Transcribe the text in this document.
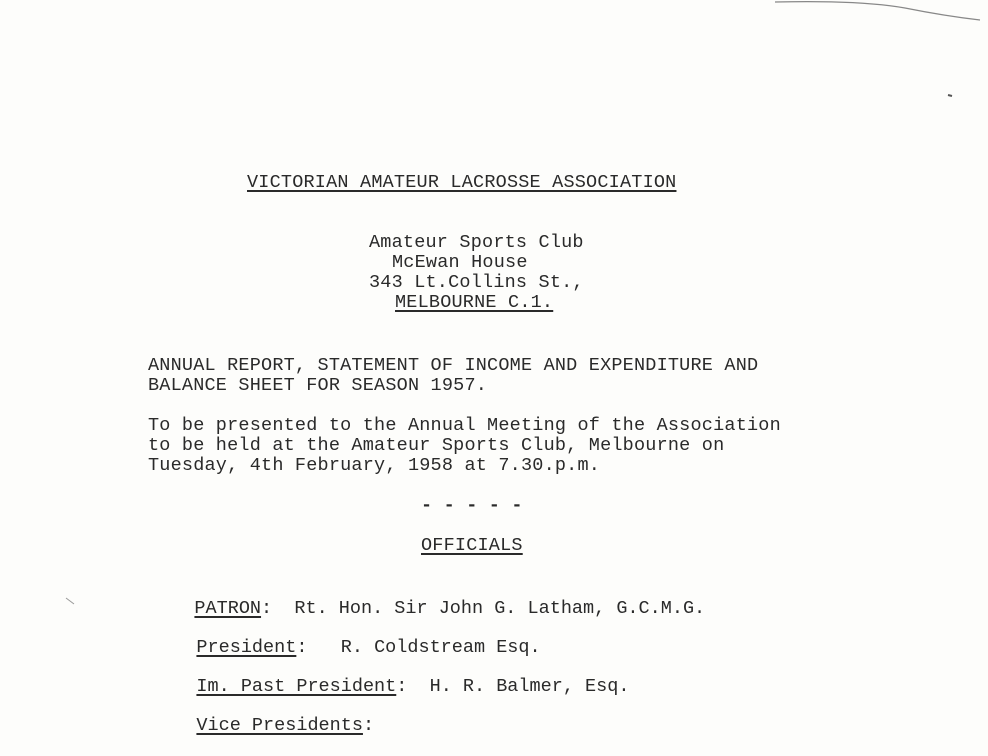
VICTORIAN AMATEUR LACROSSE ASSOCIATION
Amateur Sports Club
McEwan House
343 Lt.Collins St.,
MELBOURNE C.1.
ANNUAL REPORT, STATEMENT OF INCOME AND EXPENDITURE AND
BALANCE SHEET FOR SEASON 1957.
To be presented to the Annual Meeting of the Association
to be held at the Amateur Sports Club, Melbourne on
Tuesday, 4th February, 1958 at 7.30.p.m.
- - - - -
OFFICIALS

PATRON: Rt. Hon. Sir John G. Latham, G.C.M.G.

President: R. Coldstream Esq.

Im. Past President: H. R. Balmer, Esq.

Vice Presidents:
